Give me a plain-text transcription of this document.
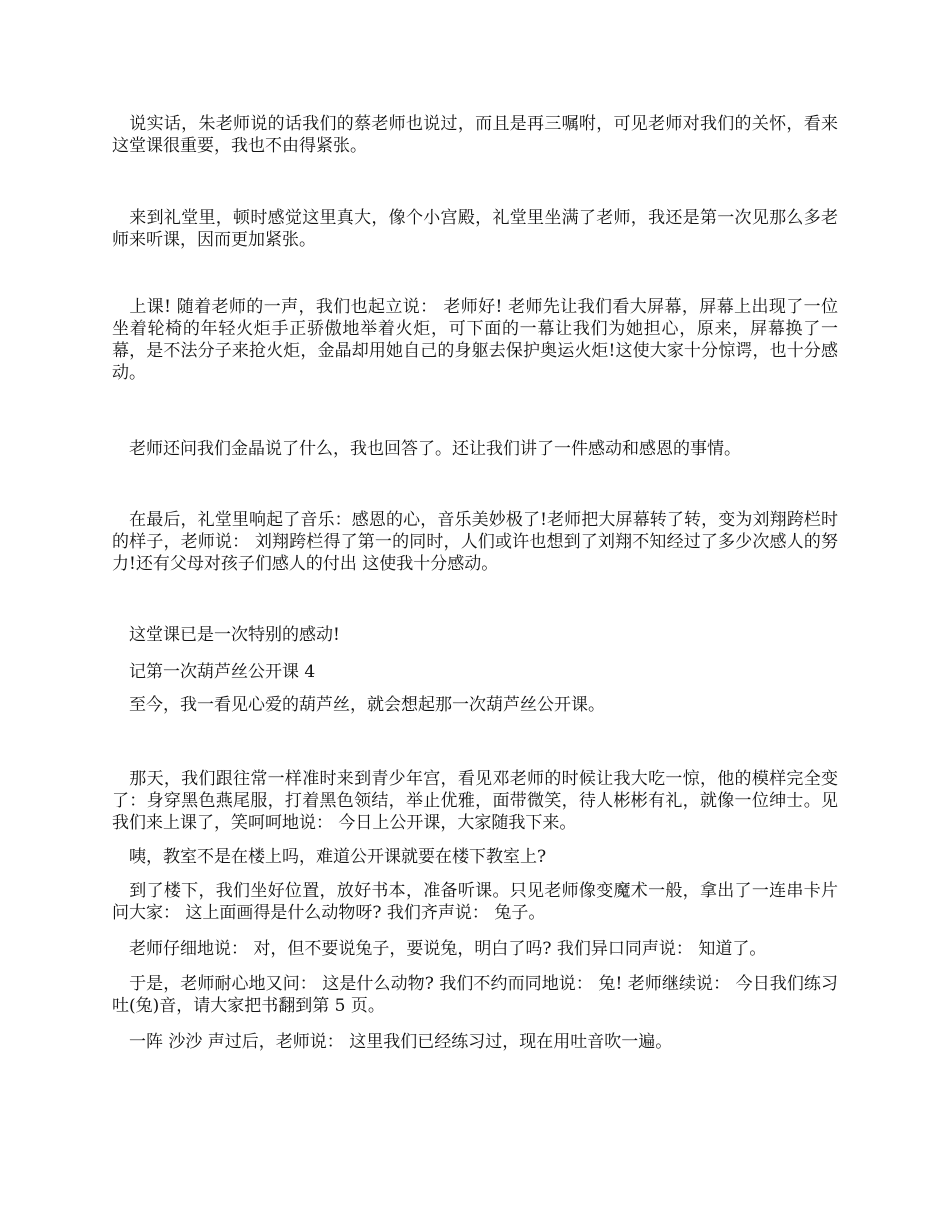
　说实话，朱老师说的话我们的蔡老师也说过，而且是再三嘱咐，可见老师对我们的关怀，看来这堂课很重要，我也不由得紧张。

　来到礼堂里，顿时感觉这里真大，像个小宫殿，礼堂里坐满了老师，我还是第一次见那么多老师来听课，因而更加紧张。

　上课! 随着老师的一声，我们也起立说： 老师好! 老师先让我们看大屏幕，屏幕上出现了一位坐着轮椅的年轻火炬手正骄傲地举着火炬，可下面的一幕让我们为她担心，原来，屏幕换了一幕，是不法分子来抢火炬，金晶却用她自己的身躯去保护奥运火炬!这使大家十分惊谔，也十分感动。

　老师还问我们金晶说了什么，我也回答了。还让我们讲了一件感动和感恩的事情。

　在最后，礼堂里响起了音乐：感恩的心，音乐美妙极了!老师把大屏幕转了转，变为刘翔跨栏时的样子，老师说： 刘翔跨栏得了第一的同时，人们或许也想到了刘翔不知经过了多少次感人的努力!还有父母对孩子们感人的付出 这使我十分感动。

　这堂课已是一次特别的感动!

　记第一次葫芦丝公开课 4

　至今，我一看见心爱的葫芦丝，就会想起那一次葫芦丝公开课。

　那天，我们跟往常一样准时来到青少年宫，看见邓老师的时候让我大吃一惊，他的模样完全变了：身穿黑色燕尾服，打着黑色领结，举止优雅，面带微笑，待人彬彬有礼，就像一位绅士。见我们来上课了，笑呵呵地说： 今日上公开课，大家随我下来。

　咦，教室不是在楼上吗，难道公开课就要在楼下教室上?

　到了楼下，我们坐好位置，放好书本，准备听课。只见老师像变魔术一般，拿出了一连串卡片问大家： 这上面画得是什么动物呀? 我们齐声说： 兔子。

　老师仔细地说： 对，但不要说兔子，要说兔，明白了吗? 我们异口同声说： 知道了。

　于是，老师耐心地又问： 这是什么动物? 我们不约而同地说： 兔! 老师继续说： 今日我们练习吐(兔)音，请大家把书翻到第 5 页。

　一阵 沙沙 声过后，老师说： 这里我们已经练习过，现在用吐音吹一遍。
